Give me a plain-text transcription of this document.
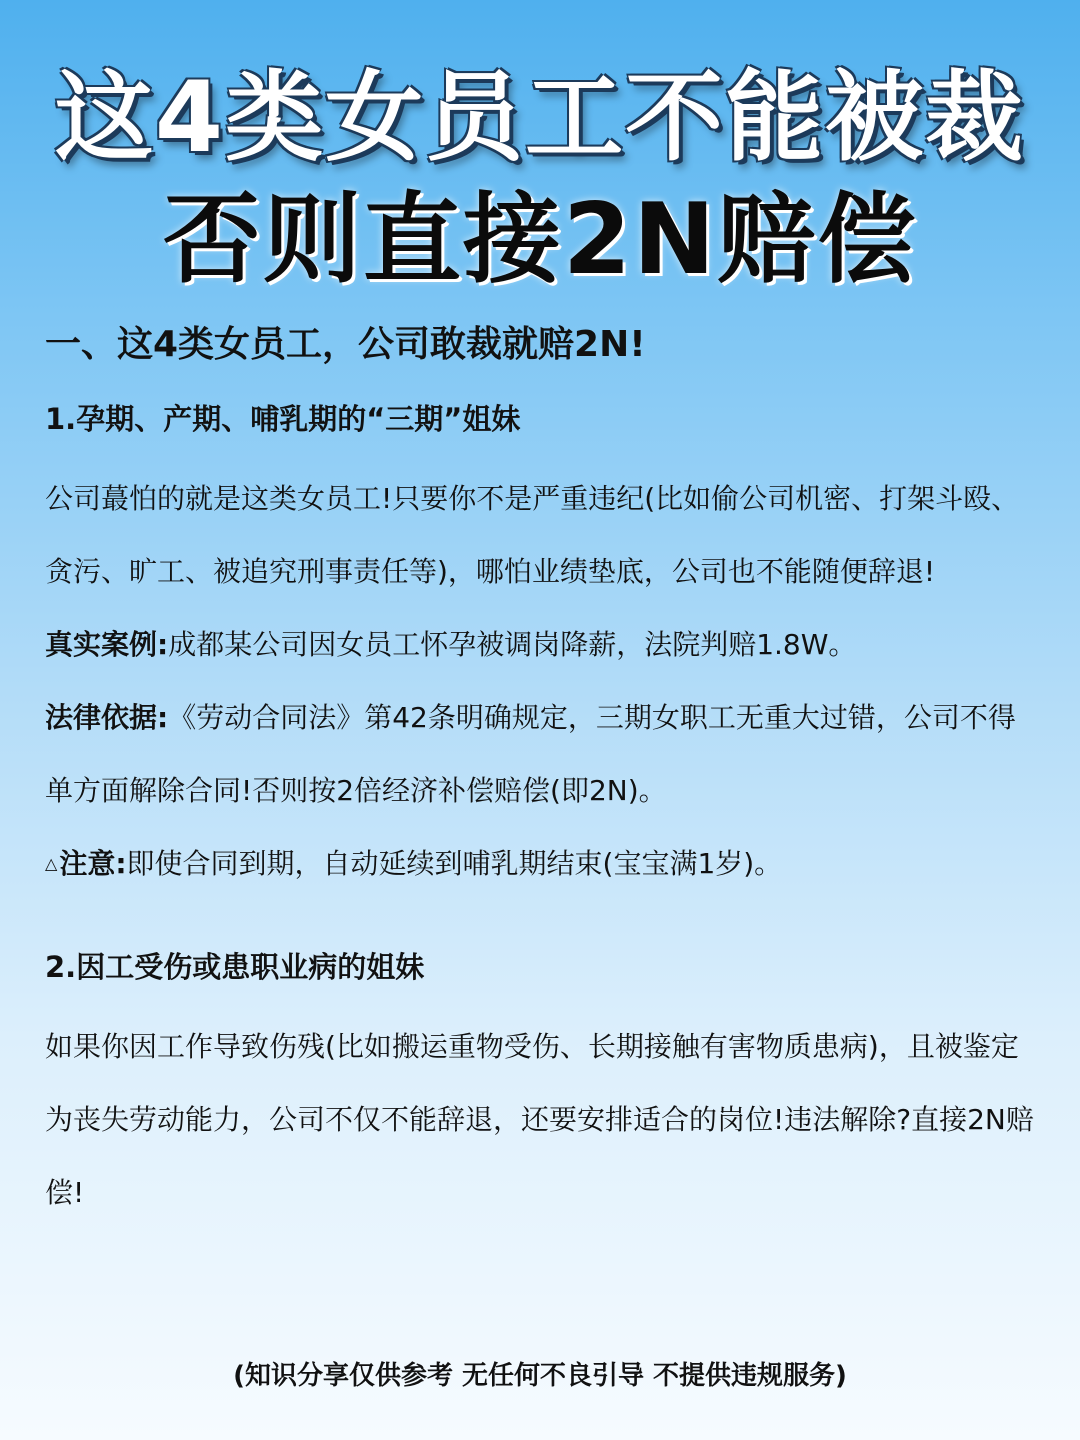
这4类女员工不能被裁
否则直接2N赔偿
一、这4类女员工，公司敢裁就赔2N!
1.孕期、产期、哺乳期的“三期”姐妹

公司蕞怕的就是这类女员工!只要你不是严重违纪(比如偷公司机密、打架斗殴、贪污、旷工、被追究刑事责任等)，哪怕业绩垫底，公司也不能随便辞退!

真实案例:成都某公司因女员工怀孕被调岗降薪，法院判赔1.8W。

法律依据:《劳动合同法》第42条明确规定，三期女职工无重大过错，公司不得单方面解除合同!否则按2倍经济补偿赔偿(即2N)。

△注意:即使合同到期，自动延续到哺乳期结束(宝宝满1岁)。

2.因工受伤或患职业病的姐妹

如果你因工作导致伤残(比如搬运重物受伤、长期接触有害物质患病)，且被鉴定为丧失劳动能力，公司不仅不能辞退，还要安排适合的岗位!违法解除?直接2N赔偿!

(知识分享仅供参考 无任何不良引导 不提供违规服务)
